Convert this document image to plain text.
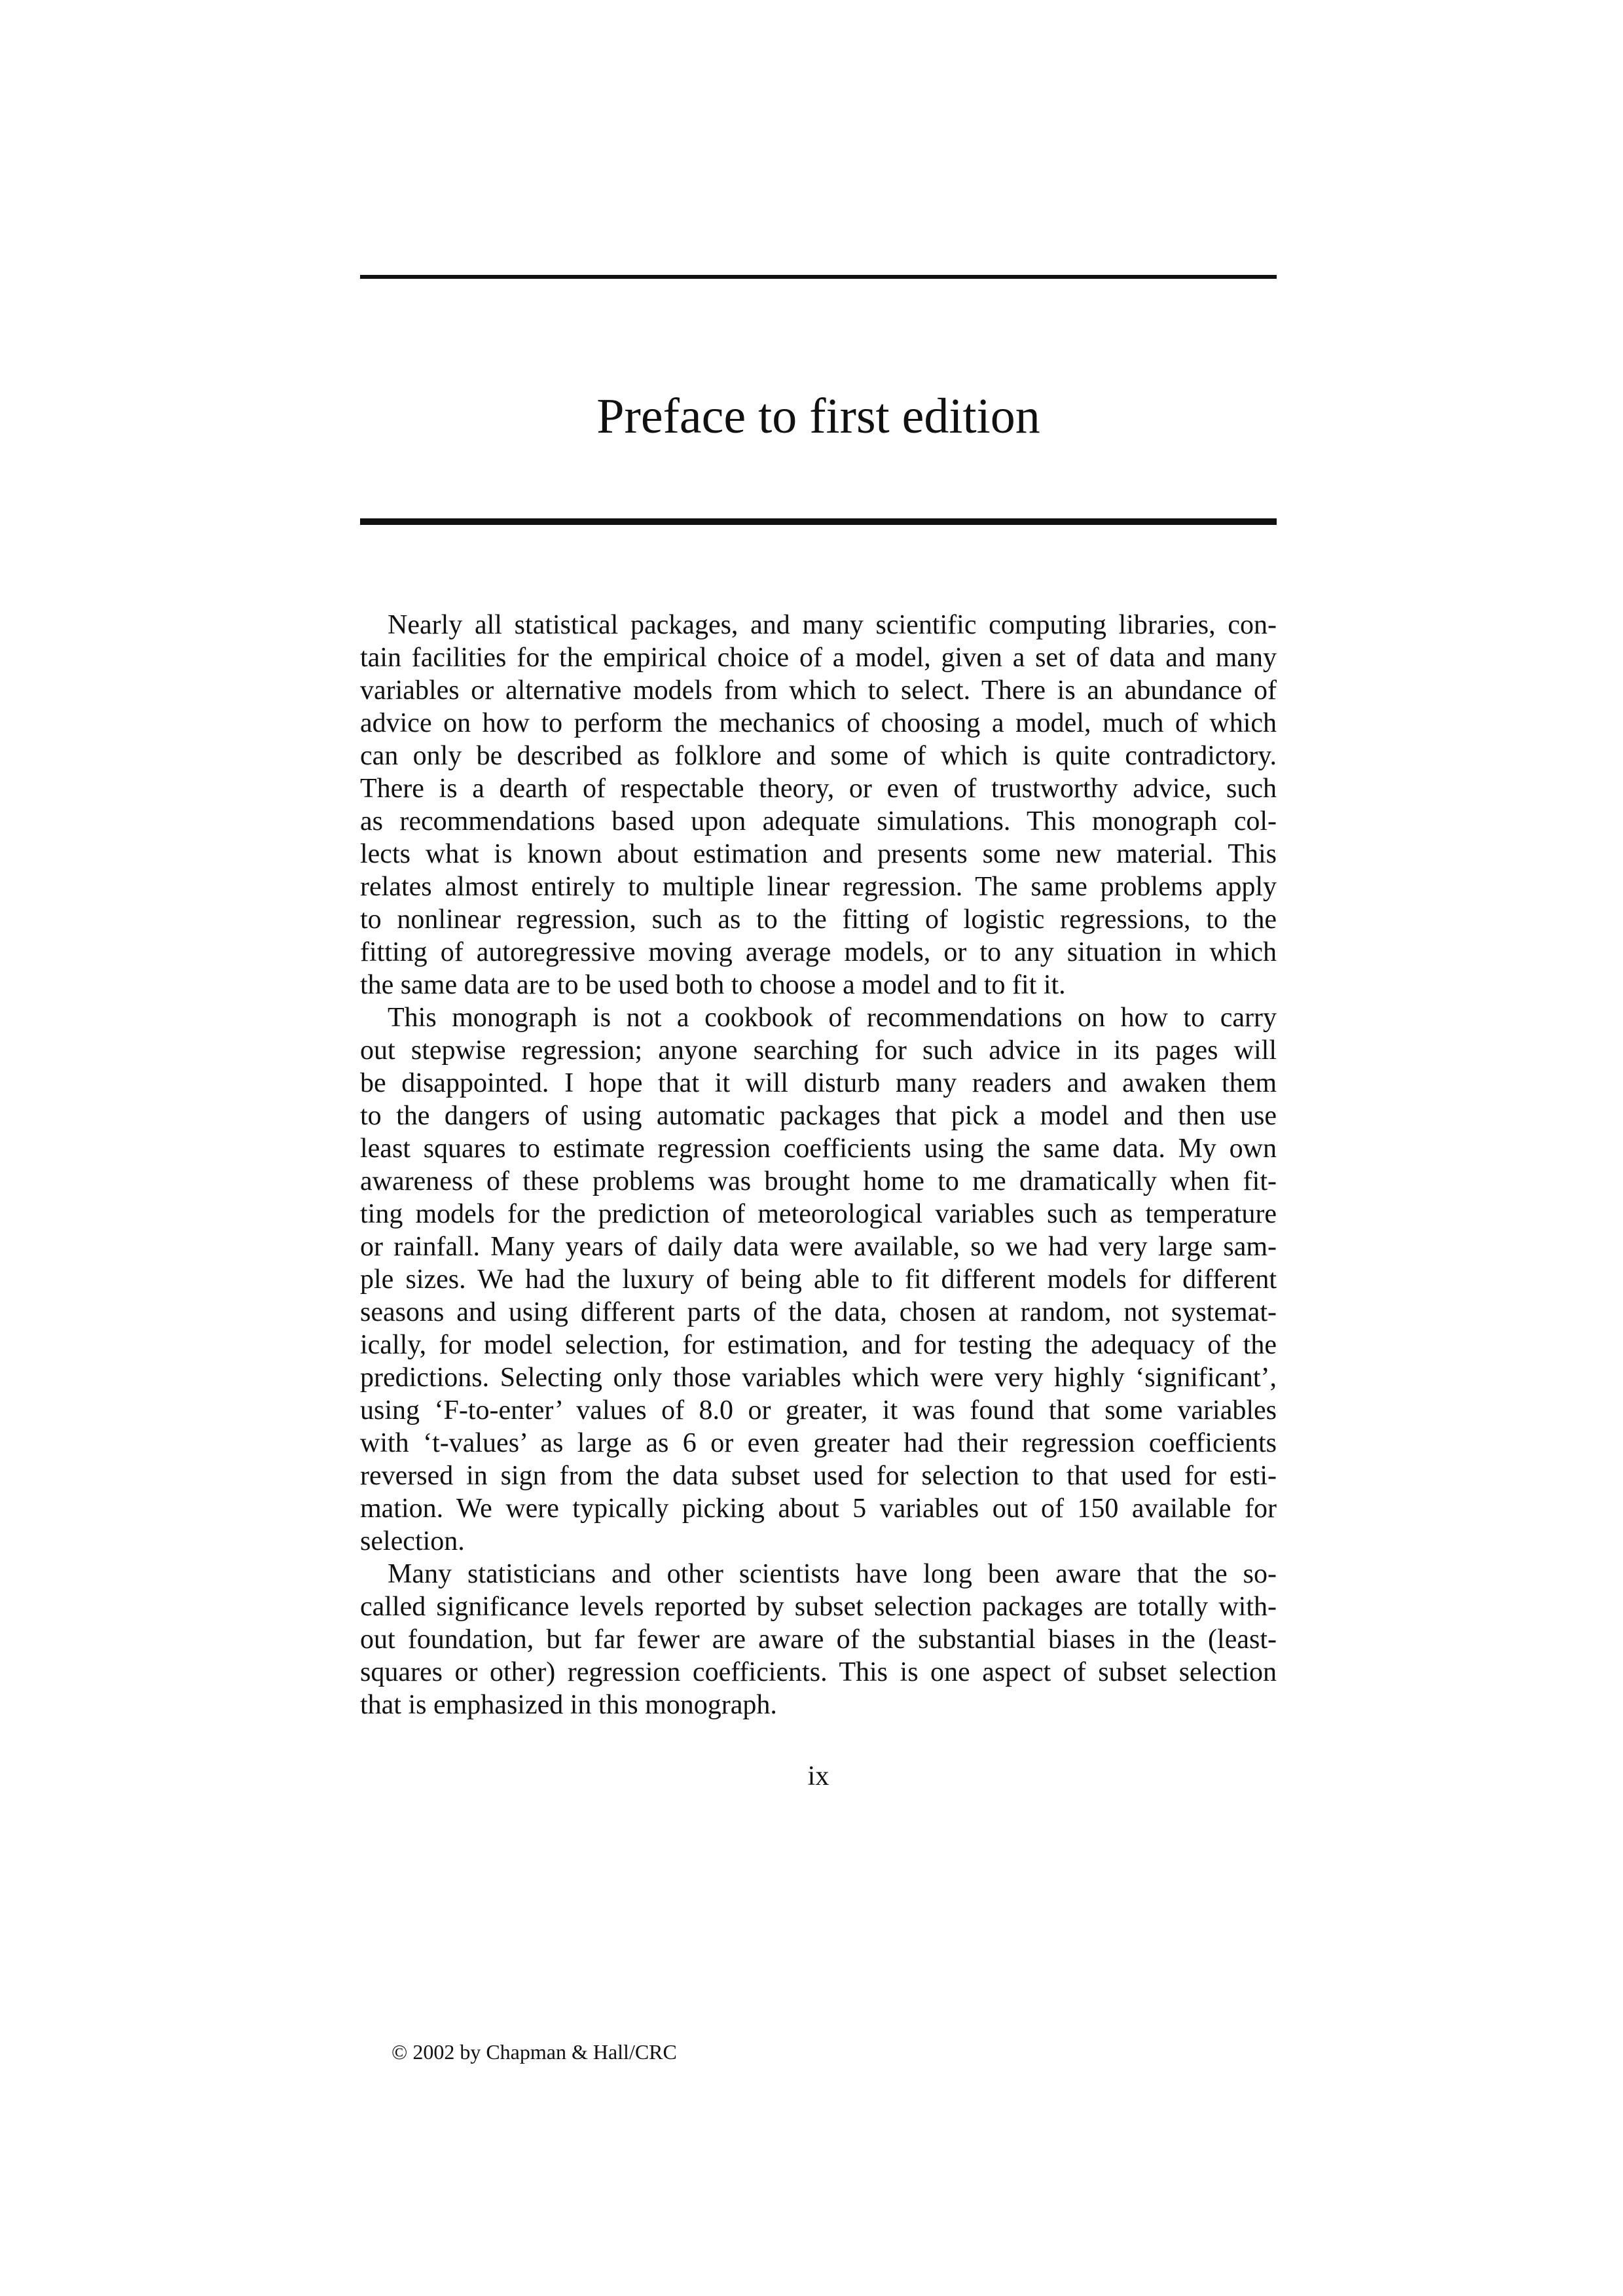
Preface to first edition
Nearly all statistical packages, and many scientific computing libraries, con-
tain facilities for the empirical choice of a model, given a set of data and many
variables or alternative models from which to select. There is an abundance of
advice on how to perform the mechanics of choosing a model, much of which
can only be described as folklore and some of which is quite contradictory.
There is a dearth of respectable theory, or even of trustworthy advice, such
as recommendations based upon adequate simulations. This monograph col-
lects what is known about estimation and presents some new material. This
relates almost entirely to multiple linear regression. The same problems apply
to nonlinear regression, such as to the fitting of logistic regressions, to the
fitting of autoregressive moving average models, or to any situation in which
the same data are to be used both to choose a model and to fit it.
This monograph is not a cookbook of recommendations on how to carry
out stepwise regression; anyone searching for such advice in its pages will
be disappointed. I hope that it will disturb many readers and awaken them
to the dangers of using automatic packages that pick a model and then use
least squares to estimate regression coefficients using the same data. My own
awareness of these problems was brought home to me dramatically when fit-
ting models for the prediction of meteorological variables such as temperature
or rainfall. Many years of daily data were available, so we had very large sam-
ple sizes. We had the luxury of being able to fit different models for different
seasons and using different parts of the data, chosen at random, not systemat-
ically, for model selection, for estimation, and for testing the adequacy of the
predictions. Selecting only those variables which were very highly ‘significant’,
using ‘F-to-enter’ values of 8.0 or greater, it was found that some variables
with ‘t-values’ as large as 6 or even greater had their regression coefficients
reversed in sign from the data subset used for selection to that used for esti-
mation. We were typically picking about 5 variables out of 150 available for
selection.
Many statisticians and other scientists have long been aware that the so-
called significance levels reported by subset selection packages are totally with-
out foundation, but far fewer are aware of the substantial biases in the (least-
squares or other) regression coefficients. This is one aspect of subset selection
that is emphasized in this monograph.
ix
© 2002 by Chapman & Hall/CRC
